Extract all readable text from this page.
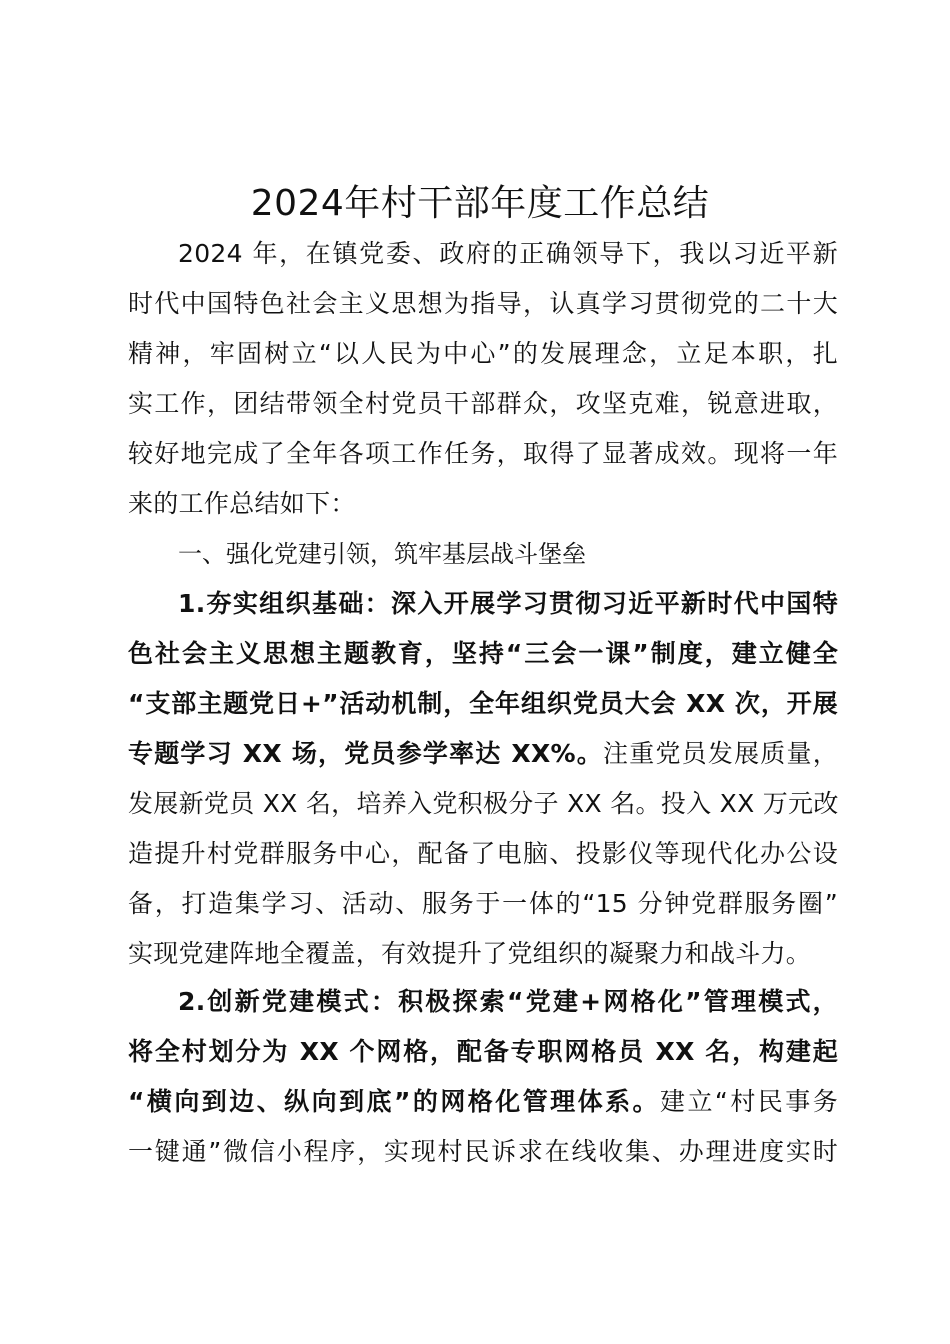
2024年村干部年度工作总结
2024 年，在镇党委、政府的正确领导下，我以习近平新
时代中国特色社会主义思想为指导，认真学习贯彻党的二十大
精神，牢固树立“以人民为中心”的发展理念，立足本职，扎
实工作，团结带领全村党员干部群众，攻坚克难，锐意进取，
较好地完成了全年各项工作任务，取得了显著成效。现将一年
来的工作总结如下：
一、强化党建引领，筑牢基层战斗堡垒
1.夯实组织基础：深入开展学习贯彻习近平新时代中国特
色社会主义思想主题教育，坚持“三会一课”制度，建立健全
“支部主题党日+”活动机制，全年组织党员大会 XX 次，开展
专题学习 XX 场，党员参学率达 XX%。注重党员发展质量，
发展新党员 XX 名，培养入党积极分子 XX 名。投入 XX 万元改
造提升村党群服务中心，配备了电脑、投影仪等现代化办公设
备，打造集学习、活动、服务于一体的“15 分钟党群服务圈”
实现党建阵地全覆盖，有效提升了党组织的凝聚力和战斗力。
2.创新党建模式：积极探索“党建+网格化”管理模式，
将全村划分为 XX 个网格，配备专职网格员 XX 名，构建起
“横向到边、纵向到底”的网格化管理体系。建立“村民事务
一键通”微信小程序，实现村民诉求在线收集、办理进度实时
